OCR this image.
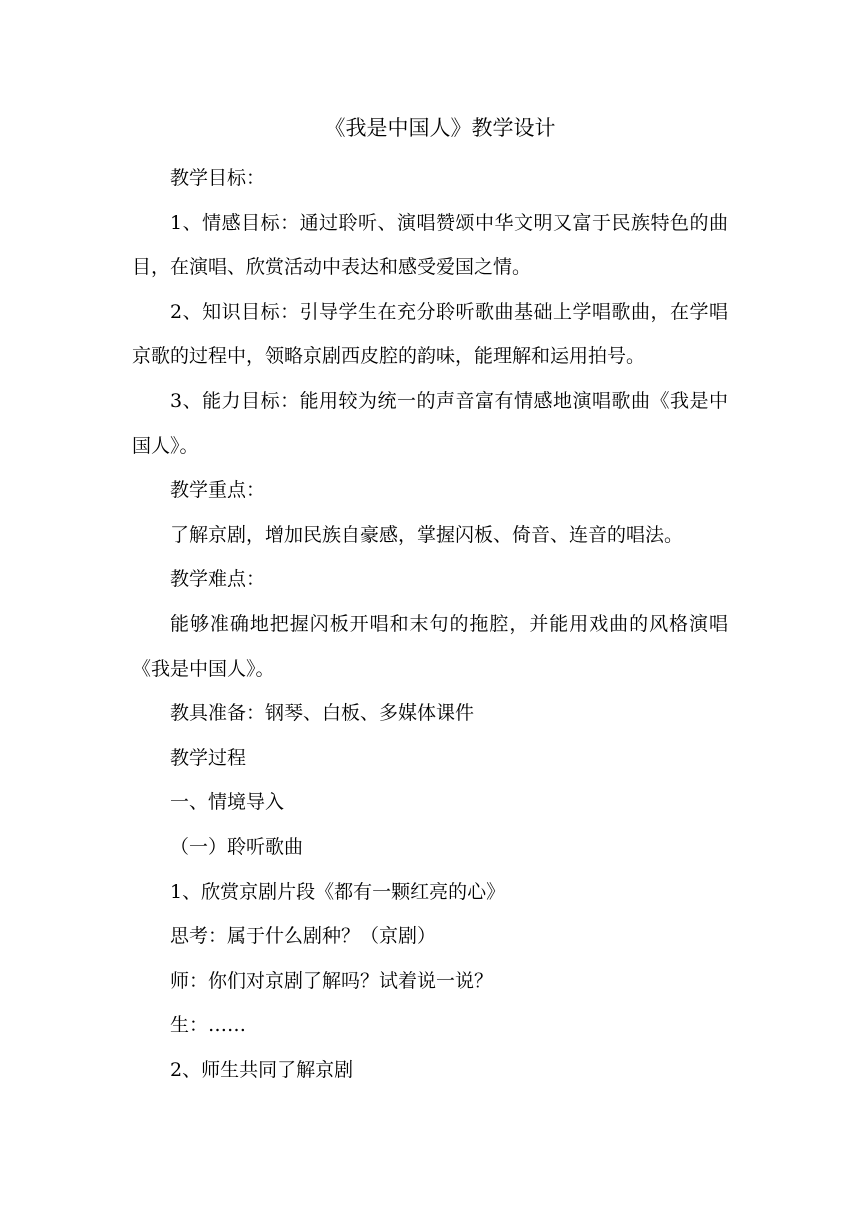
《我是中国人》教学设计

教学目标：

1、情感目标：通过聆听、演唱赞颂中华文明又富于民族特色的曲目，在演唱、欣赏活动中表达和感受爱国之情。

2、知识目标：引导学生在充分聆听歌曲基础上学唱歌曲，在学唱京歌的过程中，领略京剧西皮腔的韵味，能理解和运用拍号。

3、能力目标：能用较为统一的声音富有情感地演唱歌曲《我是中国人》。

教学重点：

了解京剧，增加民族自豪感，掌握闪板、倚音、连音的唱法。

教学难点：

能够准确地把握闪板开唱和末句的拖腔，并能用戏曲的风格演唱《我是中国人》。

教具准备：钢琴、白板、多媒体课件

教学过程

一、情境导入

（一）聆听歌曲

1、欣赏京剧片段《都有一颗红亮的心》

思考：属于什么剧种？（京剧）

师：你们对京剧了解吗？试着说一说？

生：……

2、师生共同了解京剧
